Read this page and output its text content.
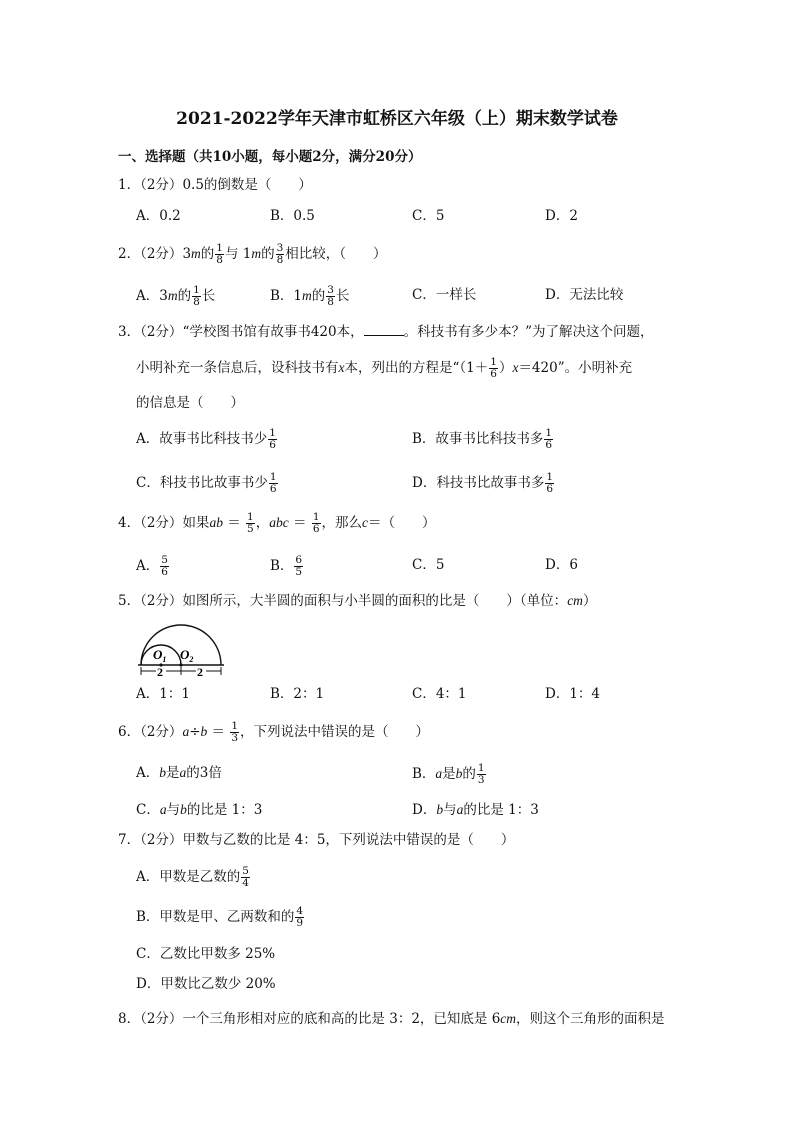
2021-2022学年天津市虹桥区六年级（上）期末数学试卷
一、选择题（共10小题，每小题2分，满分20分）
1．（2分）0.5的倒数是（　　）
A．0.2	B．0.5	C．5	D．2
2．（2分）3m的 $\frac{1}{8}$ 与 1m的 $\frac{3}{8}$ 相比较，（　　）
A．3m的 $\frac{1}{8}$ 长	B．1m的 $\frac{3}{8}$ 长	C．一样长	D．无法比较
3．（2分）“学校图书馆有故事书420本，	。科技书有多少本？”为了解决这个问题，
小明补充一条信息后，设科技书有x本，列出的方程是“$(1+ \frac{1}{6} )x=420$”。小明补充
的信息是（　　）
A．故事书比科技书少 $\frac{1}{6}$	B．故事书比科技书多 $\frac{1}{6}$
C．科技书比故事书少 $\frac{1}{6}$	D．科技书比故事书多 $\frac{1}{6}$
4．（2分）如果ab ＝ $\frac{1}{5}$ ，abc ＝ $\frac{1}{6}$ ，那么c＝（　　）
A． $\frac{5}{6}$	B． $\frac{6}{5}$	C．5	D．6
5．（2分）如图所示，大半圆的面积与小半圆的面积的比是（　　）（单位：cm）
$O_1$ $O_2$
2	2
A．1：1	B．2：1	C．4：1	D．1：4
6．（2分）$a\div b = \frac{1}{3}$ ，下列说法中错误的是（　　）
A．b是a的3倍	B．a是b的 $\frac{1}{3}$
C．a与b的比是 1：3	D．b与a的比是 1：3
7．（2分）甲数与乙数的比是 4：5，下列说法中错误的是（　　）
A．甲数是乙数的 $\frac{5}{4}$
B．甲数是甲、乙两数和的 $\frac{4}{9}$
C．乙数比甲数多 25%
D．甲数比乙数少 20%
8．（2分）一个三角形相对应的底和高的比是 3：2，已知底是 6cm，则这个三角形的面积是
